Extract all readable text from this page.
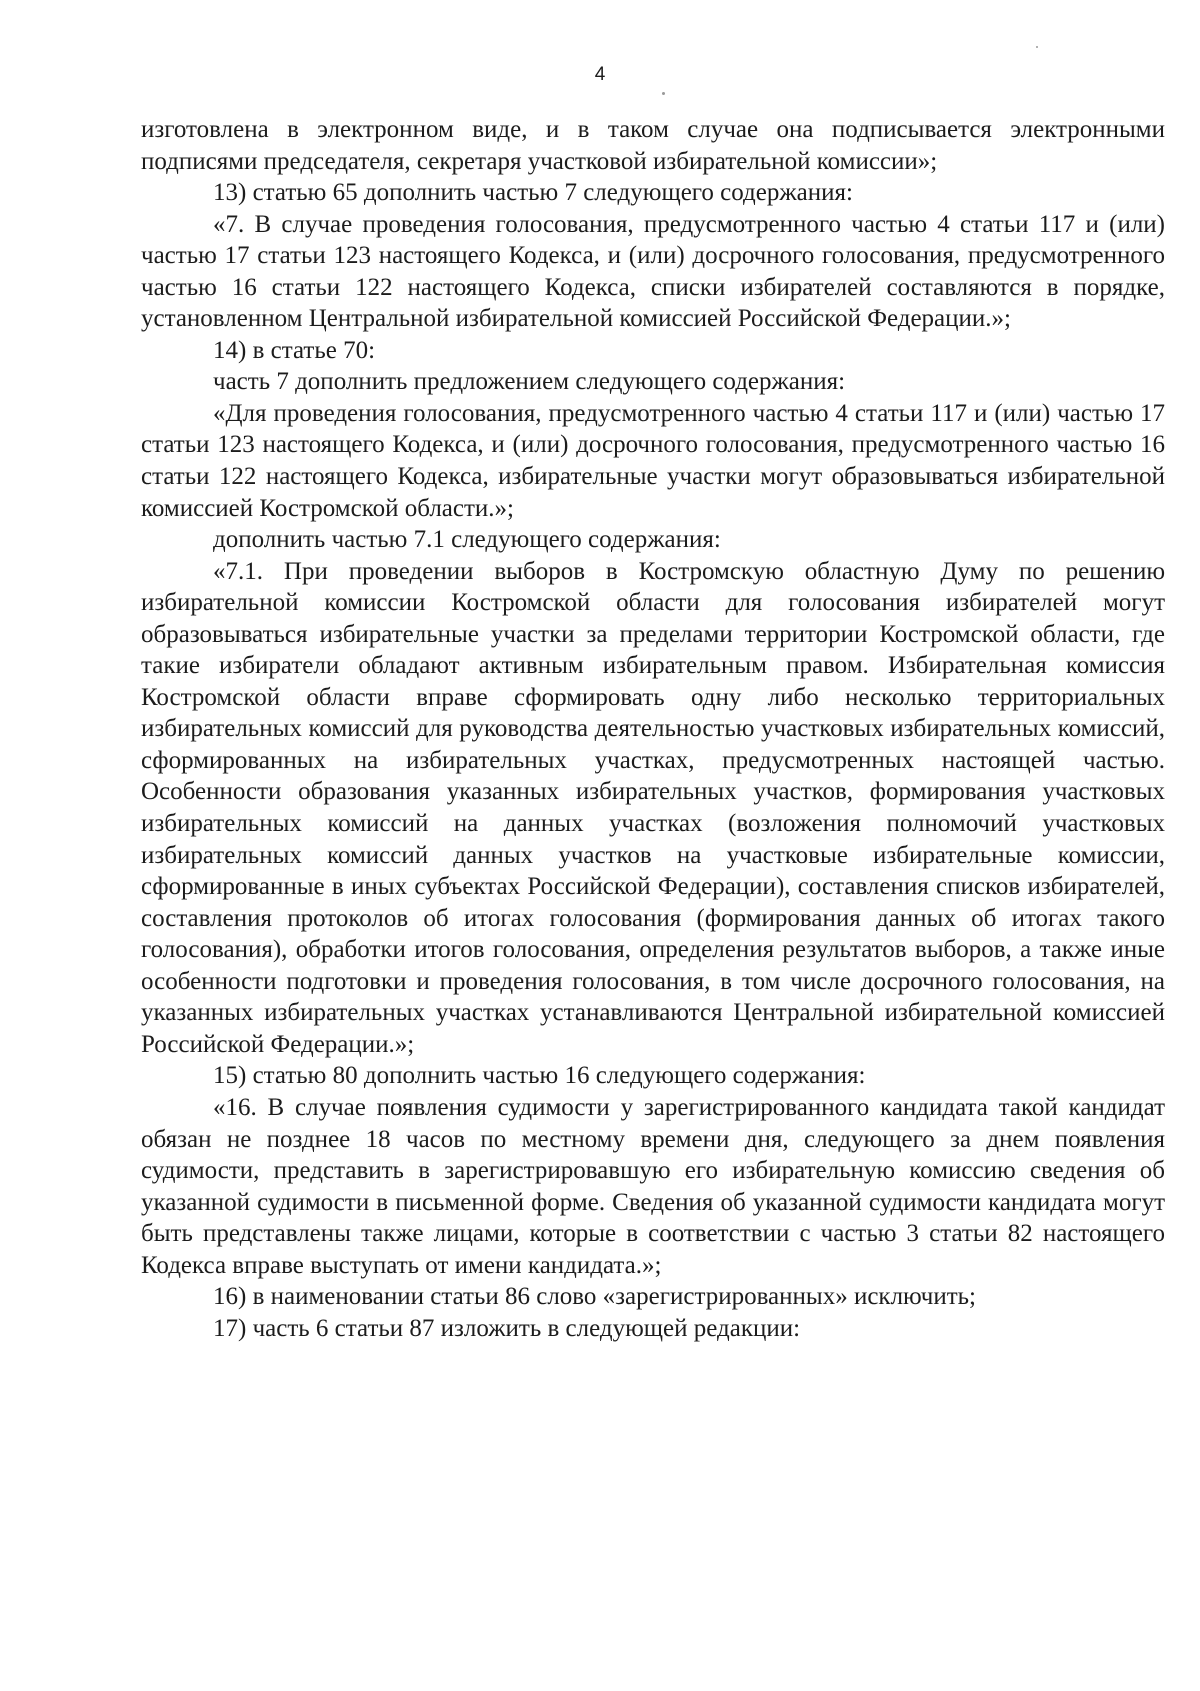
4

изготовлена в электронном виде, и в таком случае она подписывается электронными подписями председателя, секретаря участковой избирательной комиссии»;

13) статью 65 дополнить частью 7 следующего содержания:

«7. В случае проведения голосования, предусмотренного частью 4 статьи 117 и (или) частью 17 статьи 123 настоящего Кодекса, и (или) досрочного голосования, предусмотренного частью 16 статьи 122 настоящего Кодекса, списки избирателей составляются в порядке, установленном Центральной избирательной комиссией Российской Федерации.»;

14) в статье 70:

часть 7 дополнить предложением следующего содержания:

«Для проведения голосования, предусмотренного частью 4 статьи 117 и (или) частью 17 статьи 123 настоящего Кодекса, и (или) досрочного голосования, предусмотренного частью 16 статьи 122 настоящего Кодекса, избирательные участки могут образовываться избирательной комиссией Костромской области.»;

дополнить частью 7.1 следующего содержания:

«7.1. При проведении выборов в Костромскую областную Думу по решению избирательной комиссии Костромской области для голосования избирателей могут образовываться избирательные участки за пределами территории Костромской области, где такие избиратели обладают активным избирательным правом. Избирательная комиссия Костромской области вправе сформировать одну либо несколько территориальных избирательных комиссий для руководства деятельностью участковых избирательных комиссий, сформированных на избирательных участках, предусмотренных настоящей частью. Особенности образования указанных избирательных участков, формирования участковых избирательных комиссий на данных участках (возложения полномочий участковых избирательных комиссий данных участков на участковые избирательные комиссии, сформированные в иных субъектах Российской Федерации), составления списков избирателей, составления протоколов об итогах голосования (формирования данных об итогах такого голосования), обработки итогов голосования, определения результатов выборов, а также иные особенности подготовки и проведения голосования, в том числе досрочного голосования, на указанных избирательных участках устанавливаются Центральной избирательной комиссией Российской Федерации.»;

15) статью 80 дополнить частью 16 следующего содержания:

«16. В случае появления судимости у зарегистрированного кандидата такой кандидат обязан не позднее 18 часов по местному времени дня, следующего за днем появления судимости, представить в зарегистрировавшую его избирательную комиссию сведения об указанной судимости в письменной форме. Сведения об указанной судимости кандидата могут быть представлены также лицами, которые в соответствии с частью 3 статьи 82 настоящего Кодекса вправе выступать от имени кандидата.»;

16) в наименовании статьи 86 слово «зарегистрированных» исключить;

17) часть 6 статьи 87 изложить в следующей редакции:
